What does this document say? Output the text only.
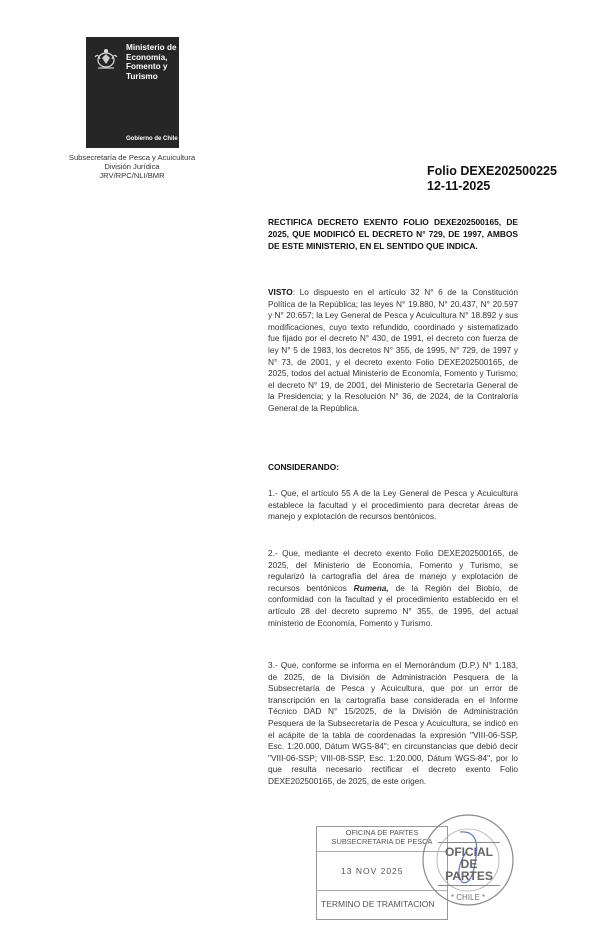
Ministerio de
Economía,
Fomento y
Turismo
Gobierno de Chile
Subsecretaría de Pesca y Acuicultura
División Jurídica
JRV/RPC/NLI/BMR	Folio DEXE202500225
12-11-2025
RECTIFICA DECRETO EXENTO FOLIO DEXE202500165, DE 2025, QUE MODIFICÓ EL DECRETO N° 729, DE 1997, AMBOS DE ESTE MINISTERIO, EN EL SENTIDO QUE INDICA.
VISTO: Lo dispuesto en el artículo 32 N° 6 de la Constitución Política de la República; las leyes N° 19.880, N° 20.437, N° 20.597 y N° 20.657; la Ley General de Pesca y Acuicultura N° 18.892 y sus modificaciones, cuyo texto refundido, coordinado y sistematizado fue fijado por el decreto N° 430, de 1991, el decreto con fuerza de ley N° 5 de 1983, los decretos N° 355, de 1995, N° 729, de 1997 y N° 73, de 2001, y el decreto exento Folio DEXE202500165, de 2025, todos del actual Ministerio de Economía, Fomento y Turismo; el decreto N° 19, de 2001, del Ministerio de Secretaría General de la Presidencia; y la Resolución N° 36, de 2024, de la Contraloría General de la República.
CONSIDERANDO:
1.- Que, el artículo 55 A de la Ley General de Pesca y Acuicultura establece la facultad y el procedimiento para decretar áreas de manejo y explotación de recursos bentónicos.
2.- Que, mediante el decreto exento Folio DEXE202500165, de 2025, del Ministerio de Economía, Fomento y Turismo, se regularizó la cartografía del área de manejo y explotación de recursos bentónicos Rumena, de la Región del Biobío, de conformidad con la facultad y el procedimiento establecido en el artículo 28 del decreto supremo N° 355, de 1995, del actual ministerio de Economía, Fomento y Turismo.
3.- Que, conforme se informa en el Memorándum (D.P.) N° 1.183, de 2025, de la División de Administración Pesquera de la Subsecretaría de Pesca y Acuicultura, que por un error de transcripción en la cartografía base considerada en el Informe Técnico DAD N° 15/2025, de la División de Administración Pesquera de la Subsecretaría de Pesca y Acuicultura, se indicó en el acápite de la tabla de coordenadas la expresión "VIII-06-SSP, Esc. 1:20.000, Dátum WGS-84"; en circunstancias que debió decir "VIII-06-SSP; VIII-08-SSP, Esc. 1:20.000, Dátum WGS-84", por lo que resulta necesario rectificar el decreto exento Folio DEXE202500165, de 2025, de este origen.
OFICINA DE PARTES
SUBSECRETARIA DE PESCA
13 NOV 2025
TERMINO DE TRAMITACION
* CHILE *
OFICIAL
DE PARTES
